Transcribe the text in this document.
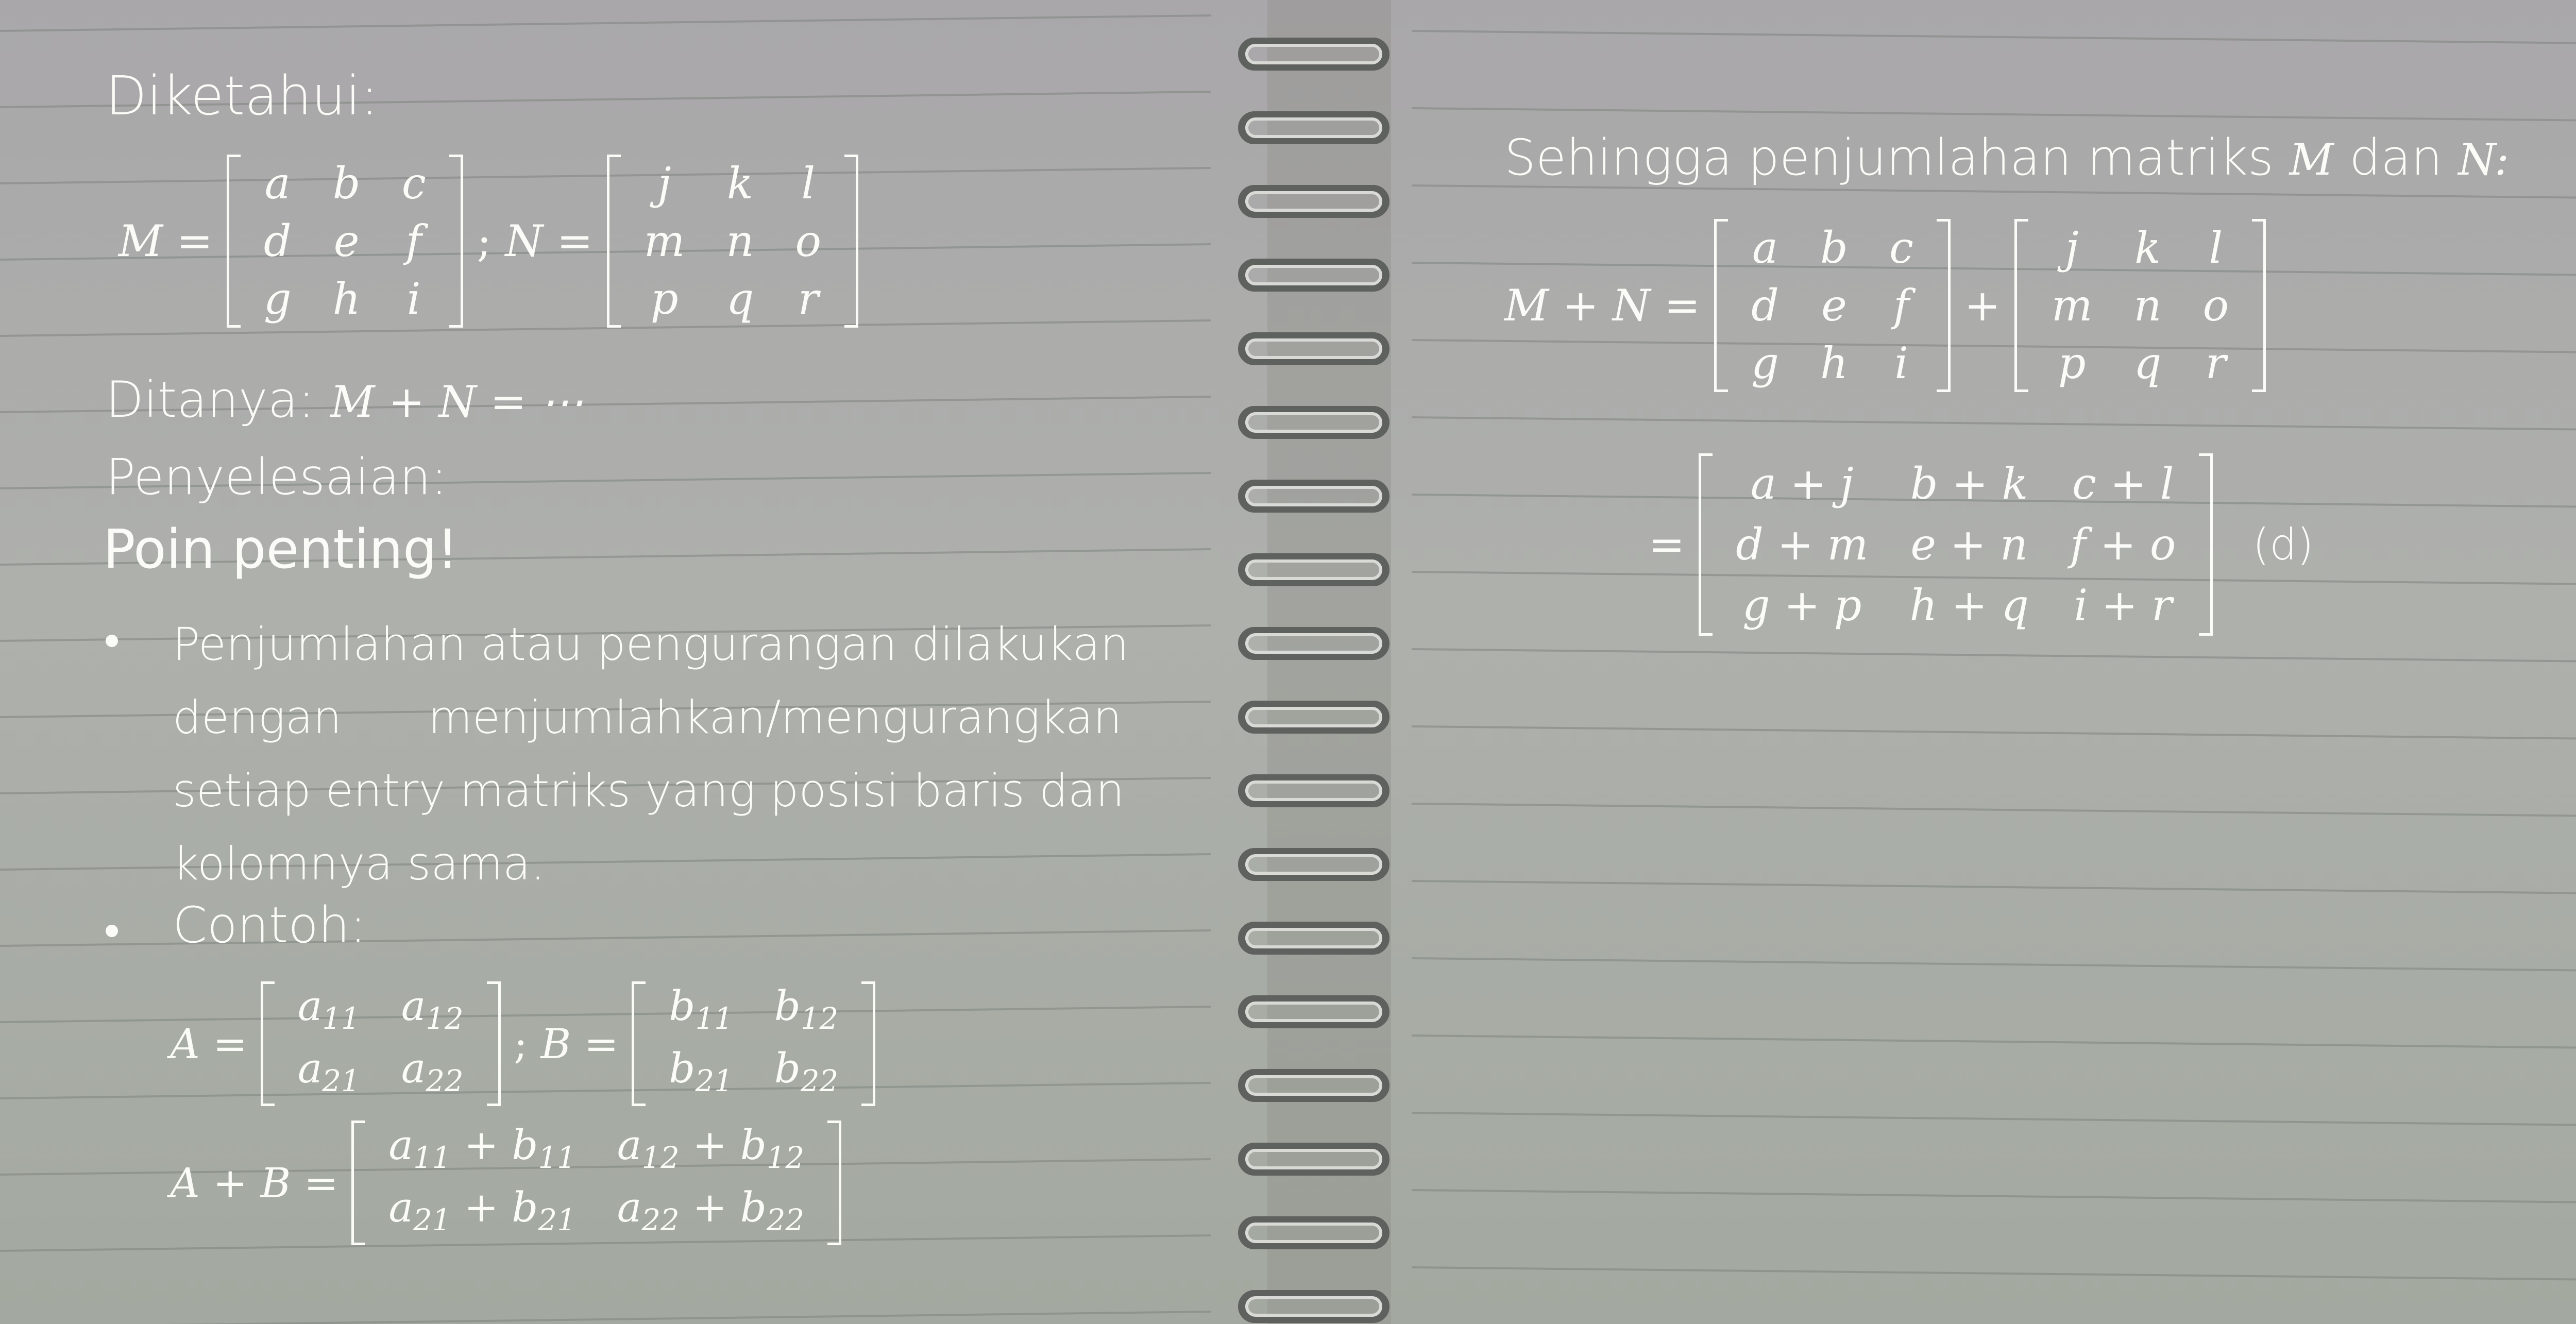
Diketahui:
M =
a	b	c
d	e	f
g	h	i
; N =
j	k	l
m	n	o
p	q	r
Ditanya: M + N = ⋯
Penyelesaian:
Poin penting!
Penjumlahan atau pengurangan dilakukan
dengan      menjumlahkan/mengurangkan
setiap entry matriks yang posisi baris dan
kolomnya sama.
Contoh:
A =
$a_{11}$	$a_{12}$
$a_{21}$	$a_{22}$
; B =
$b_{11}$	$b_{12}$
$b_{21}$	$b_{22}$
A + B =
$a_{11} + b_{11}$	$a_{12} + b_{12}$
$a_{21} + b_{21}$	$a_{22} + b_{22}$
Sehingga penjumlahan matriks M dan N:
M + N =
a	b	c
d	e	f
g	h	i
+
j	k	l
m	n	o
p	q	r
=
a + j	b + k	c + l
d + m	e + n	f + o
g + p	h + q	i + r
(d)
